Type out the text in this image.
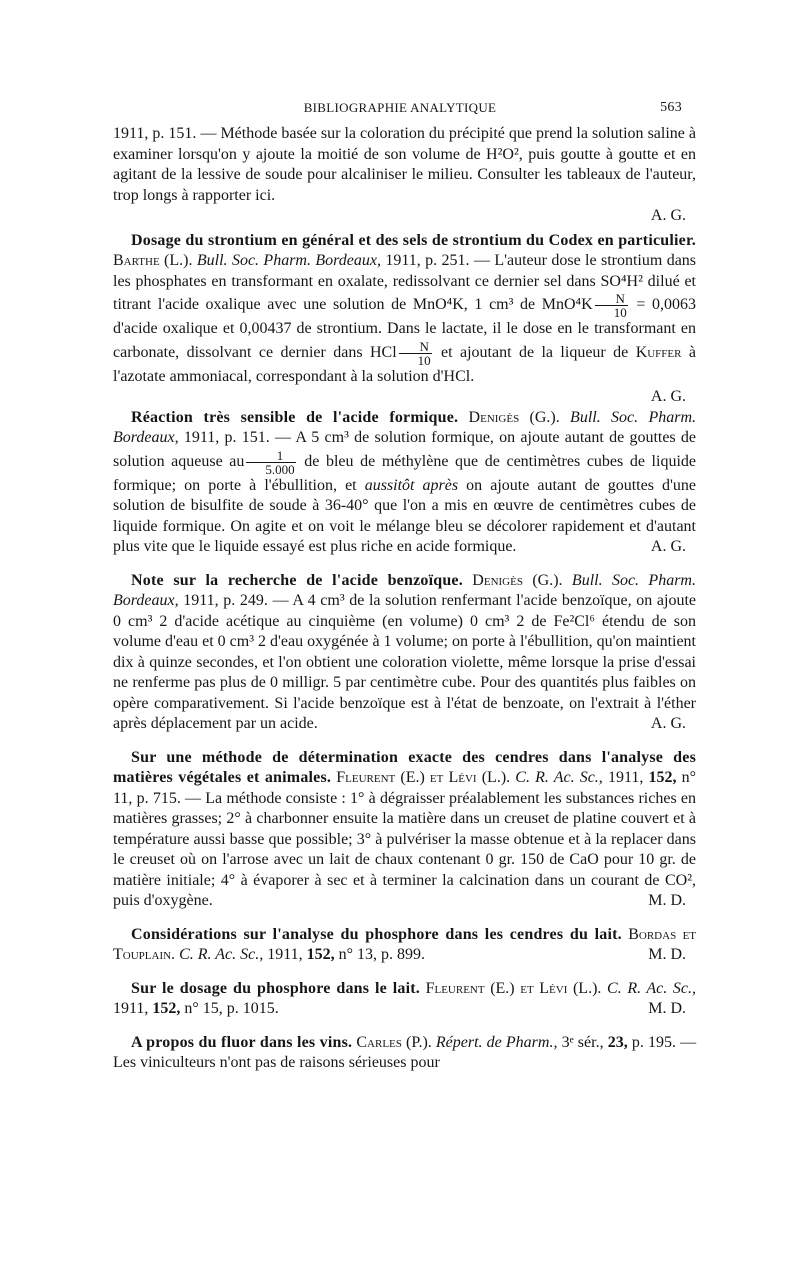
BIBLIOGRAPHIE ANALYTIQUE	563

1911, p. 151. — Méthode basée sur la coloration du précipité que prend la solution saline à examiner lorsqu'on y ajoute la moitié de son volume de H²O², puis goutte à goutte et en agitant de la lessive de soude pour alcaliniser le milieu. Consulter les tableaux de l'auteur, trop longs à rapporter ici.
A. G.

Dosage du strontium en général et des sels de strontium du Codex en particulier. Barthe (L.). Bull. Soc. Pharm. Bordeaux, 1911, p. 251. — L'auteur dose le strontium dans les phosphates en transformant en oxalate, redissolvant ce dernier sel dans SO⁴H² dilué et titrant l'acide oxalique avec une solution de MnO⁴K, 1 cm³ de $MnO^4K \frac{N}{10} = 0,0063$ d'acide oxalique et 0,00437 de strontium. Dans le lactate, il le dose en le transformant en carbonate, dissolvant ce dernier dans HCl $\frac{N}{10}$ et ajoutant de la liqueur de Kuffer à l'azotate ammoniacal, correspondant à la solution d'HCl.
A. G.

Réaction très sensible de l'acide formique. Denigès (G.). Bull. Soc. Pharm. Bordeaux, 1911, p. 151. — A 5 cm³ de solution formique, on ajoute autant de gouttes de solution aqueuse au $\frac{1}{5.000}$ de bleu de méthylène que de centimètres cubes de liquide formique; on porte à l'ébullition, et aussitôt après on ajoute autant de gouttes d'une solution de bisulfite de soude à 36-40° que l'on a mis en œuvre de centimètres cubes de liquide formique. On agite et on voit le mélange bleu se décolorer rapidement et d'autant plus vite que le liquide essayé est plus riche en acide formique.	A. G.

Note sur la recherche de l'acide benzoïque. Denigès (G.). Bull. Soc. Pharm. Bordeaux, 1911, p. 249. — A 4 cm³ de la solution renfermant l'acide benzoïque, on ajoute 0 cm³ 2 d'acide acétique au cinquième (en volume) 0 cm³ 2 de Fe²Cl⁶ étendu de son volume d'eau et 0 cm³ 2 d'eau oxygénée à 1 volume; on porte à l'ébullition, qu'on maintient dix à quinze secondes, et l'on obtient une coloration violette, même lorsque la prise d'essai ne renferme pas plus de 0 milligr. 5 par centimètre cube. Pour des quantités plus faibles on opère comparativement. Si l'acide benzoïque est à l'état de benzoate, on l'extrait à l'éther après déplacement par un acide.	A. G.

Sur une méthode de détermination exacte des cendres dans l'analyse des matières végétales et animales. Fleurent (E.) et Lévi (L.). C. R. Ac. Sc., 1911, 152, n° 11, p. 715. — La méthode consiste : 1° à dégraisser préalablement les substances riches en matières grasses; 2° à charbonner ensuite la matière dans un creuset de platine couvert et à température aussi basse que possible; 3° à pulvériser la masse obtenue et à la replacer dans le creuset où on l'arrose avec un lait de chaux contenant 0 gr. 150 de CaO pour 10 gr. de matière initiale; 4° à évaporer à sec et à terminer la calcination dans un courant de CO², puis d'oxygène.	M. D.

Considérations sur l'analyse du phosphore dans les cendres du lait. Bordas et Touplain. C. R. Ac. Sc., 1911, 152, n° 13, p. 899.	M. D.

Sur le dosage du phosphore dans le lait. Fleurent (E.) et Lévi (L.). C. R. Ac. Sc., 1911, 152, n° 15, p. 1015.	M. D.

A propos du fluor dans les vins. Carles (P.). Répert. de Pharm., 3ᵉ sér., 23, p. 195. — Les viniculteurs n'ont pas de raisons sérieuses pour
